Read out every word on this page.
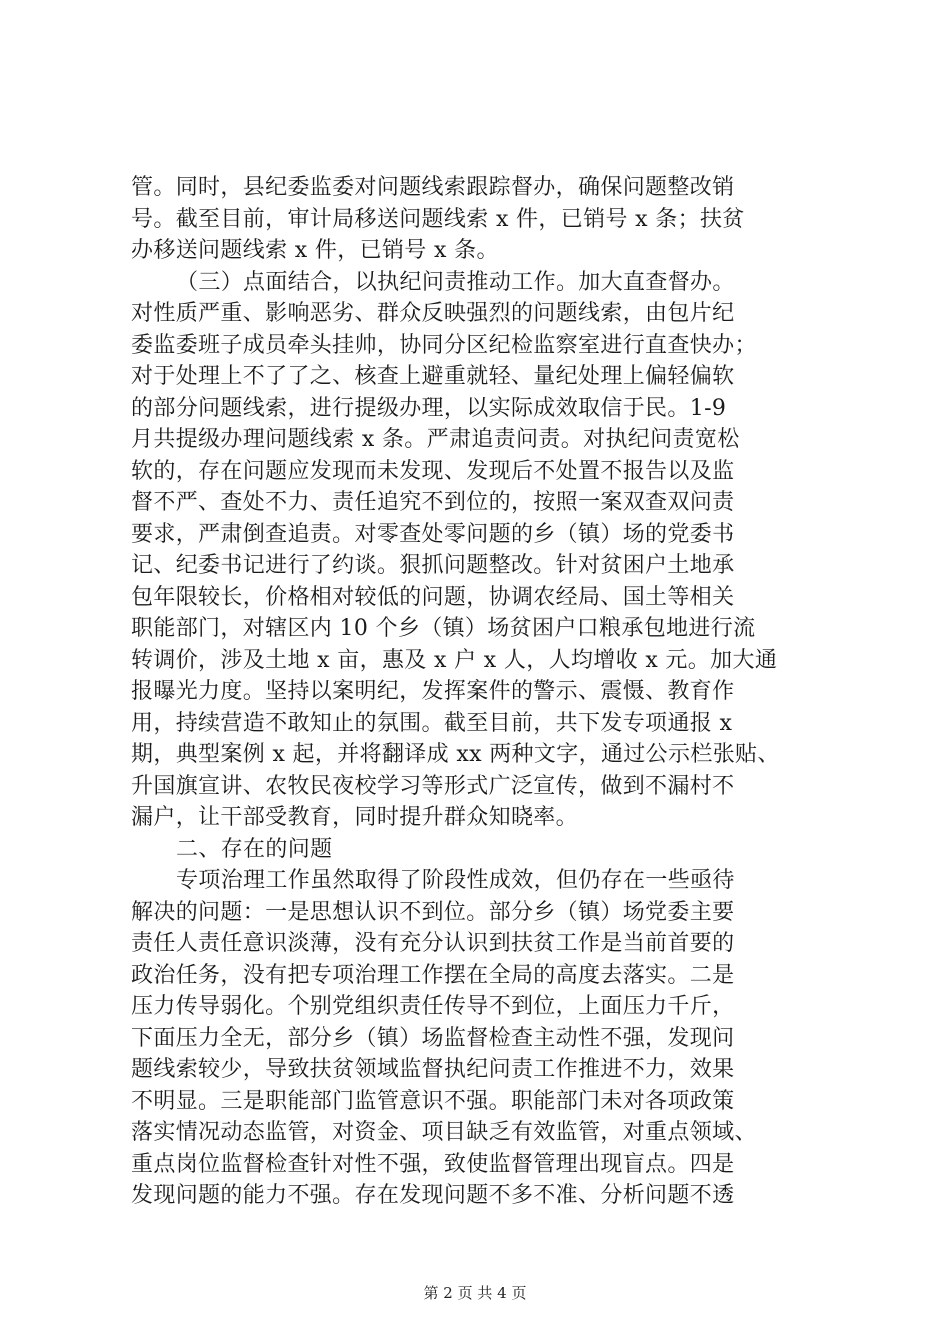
管。同时，县纪委监委对问题线索跟踪督办，确保问题整改销
号。截至目前，审计局移送问题线索 x 件，已销号 x 条；扶贫
办移送问题线索 x 件，已销号 x 条。
（三）点面结合，以执纪问责推动工作。加大直查督办。
对性质严重、影响恶劣、群众反映强烈的问题线索，由包片纪
委监委班子成员牵头挂帅，协同分区纪检监察室进行直查快办；
对于处理上不了了之、核查上避重就轻、量纪处理上偏轻偏软
的部分问题线索，进行提级办理，以实际成效取信于民。1-9
月共提级办理问题线索 x 条。严肃追责问责。对执纪问责宽松
软的，存在问题应发现而未发现、发现后不处置不报告以及监
督不严、查处不力、责任追究不到位的，按照一案双查双问责
要求，严肃倒查追责。对零查处零问题的乡（镇）场的党委书
记、纪委书记进行了约谈。狠抓问题整改。针对贫困户土地承
包年限较长，价格相对较低的问题，协调农经局、国土等相关
职能部门，对辖区内 10 个乡（镇）场贫困户口粮承包地进行流
转调价，涉及土地 x 亩，惠及 x 户 x 人，人均增收 x 元。加大通
报曝光力度。坚持以案明纪，发挥案件的警示、震慑、教育作
用，持续营造不敢知止的氛围。截至目前，共下发专项通报 x
期，典型案例 x 起，并将翻译成 xx 两种文字，通过公示栏张贴、
升国旗宣讲、农牧民夜校学习等形式广泛宣传，做到不漏村不
漏户，让干部受教育，同时提升群众知晓率。
二、存在的问题
专项治理工作虽然取得了阶段性成效，但仍存在一些亟待
解决的问题：一是思想认识不到位。部分乡（镇）场党委主要
责任人责任意识淡薄，没有充分认识到扶贫工作是当前首要的
政治任务，没有把专项治理工作摆在全局的高度去落实。二是
压力传导弱化。个别党组织责任传导不到位，上面压力千斤，
下面压力全无，部分乡（镇）场监督检查主动性不强，发现问
题线索较少，导致扶贫领域监督执纪问责工作推进不力，效果
不明显。三是职能部门监管意识不强。职能部门未对各项政策
落实情况动态监管，对资金、项目缺乏有效监管，对重点领域、
重点岗位监督检查针对性不强，致使监督管理出现盲点。四是
发现问题的能力不强。存在发现问题不多不准、分析问题不透
第 2 页 共 4 页
